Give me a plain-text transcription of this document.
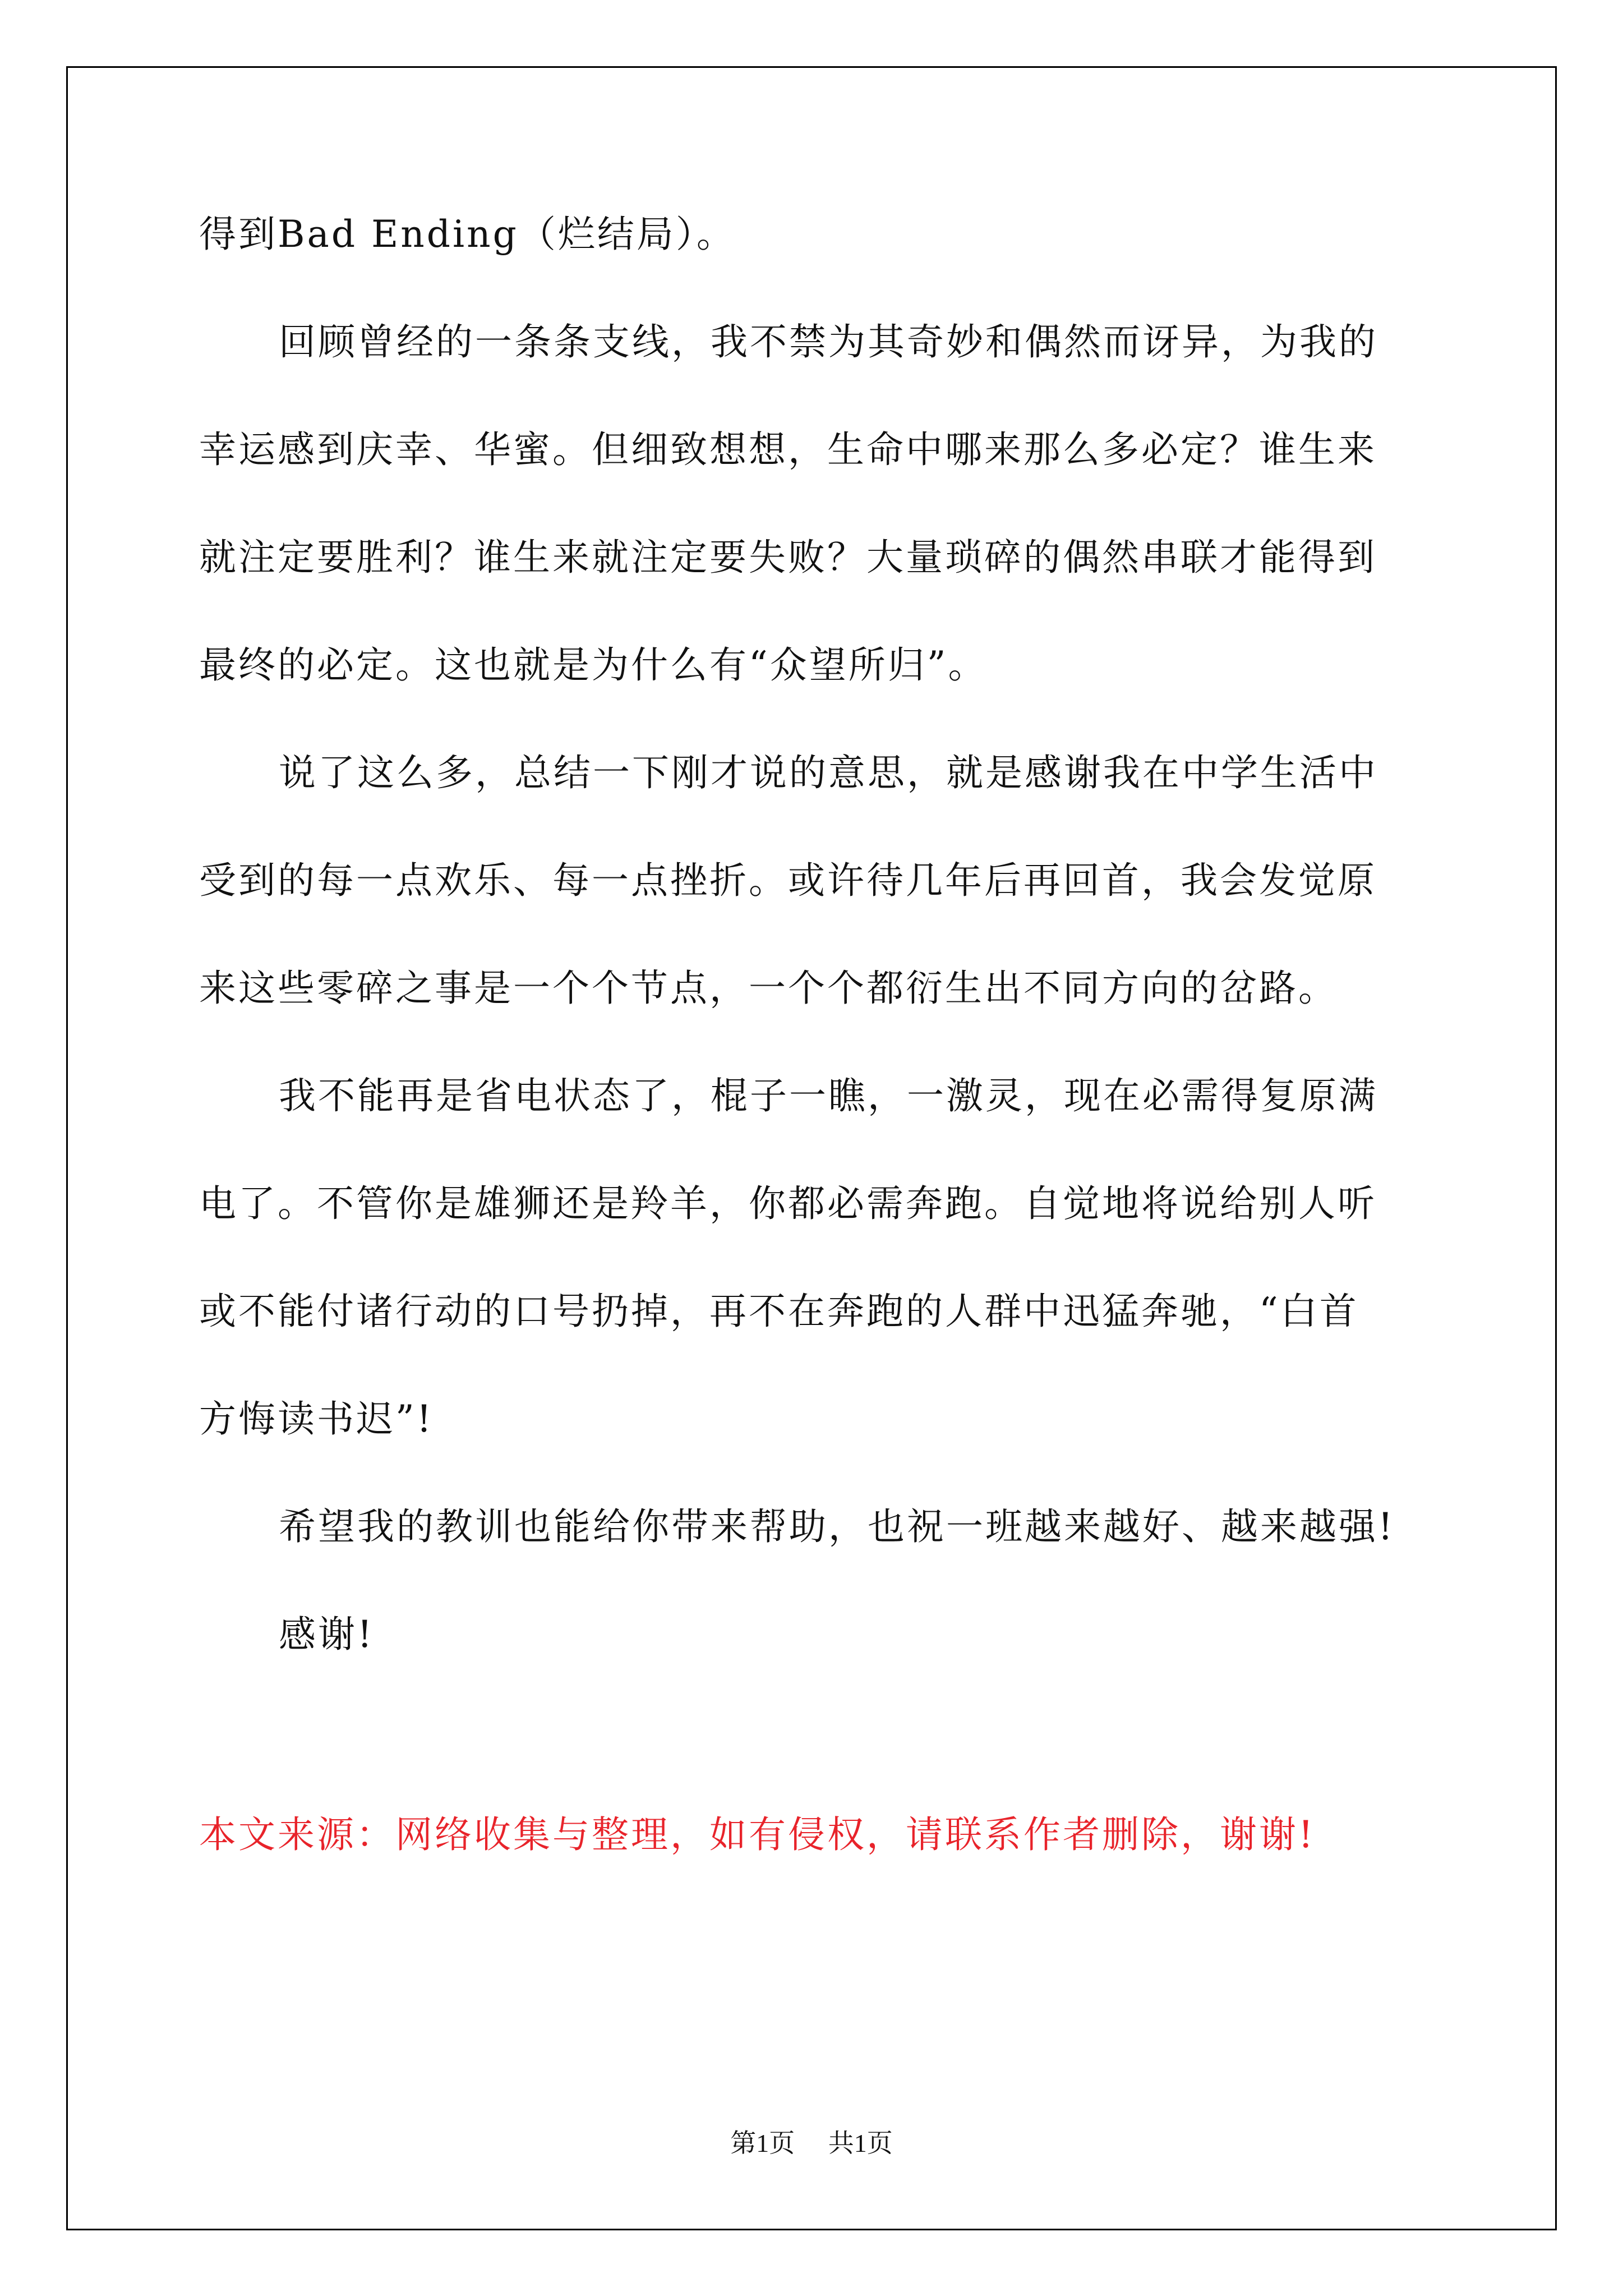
得到Bad Ending（烂结局）。
回顾曾经的一条条支线，我不禁为其奇妙和偶然而讶异，为我的
幸运感到庆幸、华蜜。但细致想想，生命中哪来那么多必定？谁生来
就注定要胜利？谁生来就注定要失败？大量琐碎的偶然串联才能得到
最终的必定。这也就是为什么有“众望所归”。
说了这么多，总结一下刚才说的意思，就是感谢我在中学生活中
受到的每一点欢乐、每一点挫折。或许待几年后再回首，我会发觉原
来这些零碎之事是一个个节点，一个个都衍生出不同方向的岔路。
我不能再是省电状态了，棍子一瞧，一激灵，现在必需得复原满
电了。不管你是雄狮还是羚羊，你都必需奔跑。自觉地将说给别人听
或不能付诸行动的口号扔掉，再不在奔跑的人群中迅猛奔驰，“白首
方悔读书迟”!
希望我的教训也能给你带来帮助，也祝一班越来越好、越来越强!
感谢!
本文来源：网络收集与整理，如有侵权，请联系作者删除，谢谢!
第1页 共1页
